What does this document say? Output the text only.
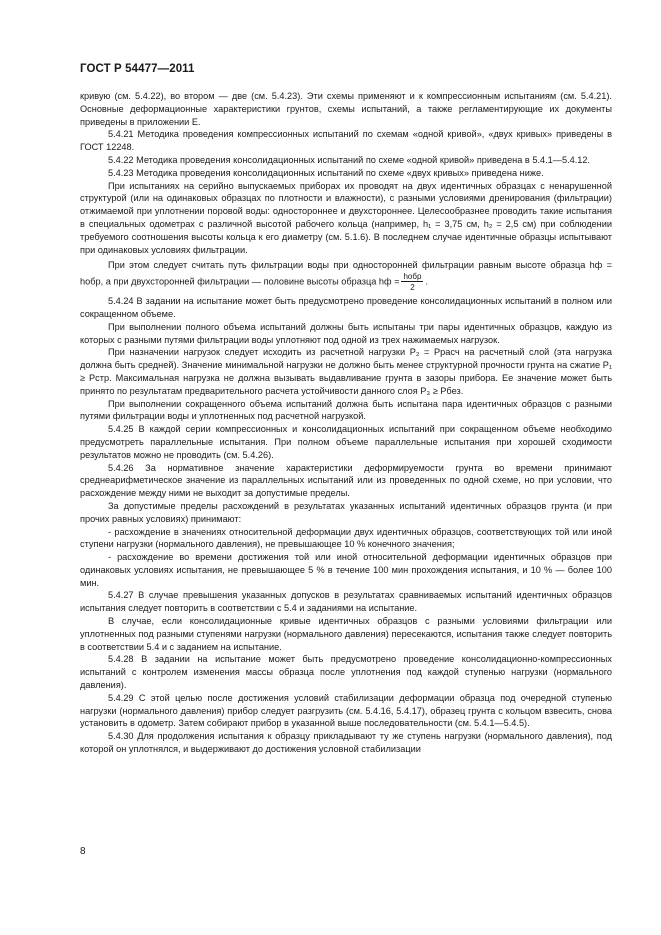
ГОСТ Р 54477—2011

кривую (см. 5.4.22), во втором — две (см. 5.4.23). Эти схемы применяют и к компрессионным испытаниям (см. 5.4.21). Основные деформационные характеристики грунтов, схемы испытаний, а также регламентирующие их документы приведены в приложении Е.

5.4.21 Методика проведения компрессионных испытаний по схемам «одной кривой», «двух кривых» приведены в ГОСТ 12248.

5.4.22 Методика проведения консолидационных испытаний по схеме «одной кривой» приведена в 5.4.1—5.4.12.

5.4.23 Методика проведения консолидационных испытаний по схеме «двух кривых» приведена ниже.

При испытаниях на серийно выпускаемых приборах их проводят на двух идентичных образцах с ненарушенной структурой (или на одинаковых образцах по плотности и влажности), с разными условиями дренирования (фильтрации) отжимаемой при уплотнении поровой воды: одностороннее и двухстороннее. Целесообразнее проводить такие испытания в специальных одометрах с различной высотой рабочего кольца (например, h₁ = 3,75 см, h₂ = 2,5 см) при соблюдении требуемого соотношения высоты кольца к его диаметру (см. 5.1.6). В последнем случае идентичные образцы испытывают при одинаковых условиях фильтрации.

При этом следует считать путь фильтрации воды при односторонней фильтрации равным высоте образца hф = hобр, а при двухсторонней фильтрации — половине высоты образца hф = $\frac{\text{hобр}}{2}$ .

5.4.24 В задании на испытание может быть предусмотрено проведение консолидационных испытаний в полном или сокращенном объеме.

При выполнении полного объема испытаний должны быть испытаны три пары идентичных образцов, каждую из которых с разными путями фильтрации воды уплотняют под одной из трех нажимаемых нагрузок.

При назначении нагрузок следует исходить из расчетной нагрузки P₂ = Pрасч на расчетный слой (эта нагрузка должна быть средней). Значение минимальной нагрузки не должно быть менее структурной прочности грунта на сжатие P₁ ≥ Pстр. Максимальная нагрузка не должна вызывать выдавливание грунта в зазоры прибора. Ее значение может быть принято по результатам предварительного расчета устойчивости данного слоя P₃ ≥ Pбез.

При выполнении сокращенного объема испытаний должна быть испытана пара идентичных образцов с разными путями фильтрации воды и уплотненных под расчетной нагрузкой.

5.4.25 В каждой серии компрессионных и консолидационных испытаний при сокращенном объеме необходимо предусмотреть параллельные испытания. При полном объеме параллельные испытания при хорошей сходимости результатов можно не проводить (см. 5.4.26).

5.4.26 За нормативное значение характеристики деформируемости грунта во времени принимают среднеарифметическое значение из параллельных испытаний или из проведенных по одной схеме, но при условии, что расхождение между ними не выходит за допустимые пределы.

За допустимые пределы расхождений в результатах указанных испытаний идентичных образцов грунта (и при прочих равных условиях) принимают:

- расхождение в значениях относительной деформации двух идентичных образцов, соответствующих той или иной ступени нагрузки (нормального давления), не превышающее 10 % конечного значения;

- расхождение во времени достижения той или иной относительной деформации идентичных образцов при одинаковых условиях испытания, не превышающее 5 % в течение 100 мин прохождения испытания, и 10 % — более 100 мин.

5.4.27 В случае превышения указанных допусков в результатах сравниваемых испытаний идентичных образцов испытания следует повторить в соответствии с 5.4 и заданиями на испытание.

В случае, если консолидационные кривые идентичных образцов с разными условиями фильтрации или уплотненных под разными ступенями нагрузки (нормального давления) пересекаются, испытания также следует повторить в соответствии 5.4 и с заданием на испытание.

5.4.28 В задании на испытание может быть предусмотрено проведение консолидационно-компрессионных испытаний с контролем изменения массы образца после уплотнения под каждой ступенью нагрузки (нормального давления).

5.4.29 С этой целью после достижения условий стабилизации деформации образца под очередной ступенью нагрузки (нормального давления) прибор следует разгрузить (см. 5.4.16, 5.4.17), образец грунта с кольцом взвесить, снова установить в одометр. Затем собирают прибор в указанной выше последовательности (см. 5.4.1—5.4.5).

5.4.30 Для продолжения испытания к образцу прикладывают ту же ступень нагрузки (нормального давления), под которой он уплотнялся, и выдерживают до достижения условной стабилизации

8
